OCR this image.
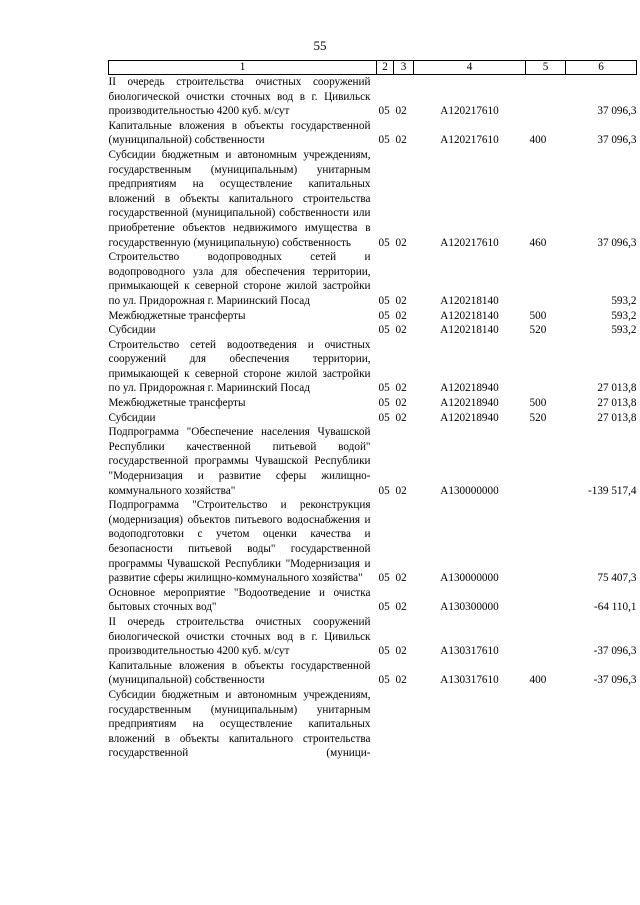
55
1	2	3	4	5	6
II очередь строительства очистных сооружений биологической очистки сточных вод в г. Цивильск производительностью 4200 куб. м/сут	05	02	А120217610		37 096,3
Капитальные вложения в объекты государственной (муниципальной) собственности	05	02	А120217610	400	37 096,3
Субсидии бюджетным и автономным учреждениям, государственным (муниципальным) унитарным предприятиям на осуществление капитальных вложений в объекты капитального строительства государственной (муниципальной) собственности или приобретение объектов недвижимого имущества в государственную (муниципальную) собственность	05	02	А120217610	460	37 096,3
Строительство водопроводных сетей и водопроводного узла для обеспечения территории, примыкающей к северной стороне жилой застройки по ул. Придорожная г. Мариинский Посад	05	02	А120218140		593,2
Межбюджетные трансферты	05	02	А120218140	500	593,2
Субсидии	05	02	А120218140	520	593,2
Строительство сетей водоотведения и очистных сооружений для обеспечения территории, примыкающей к северной стороне жилой застройки по ул. Придорожная г. Мариинский Посад	05	02	А120218940		27 013,8
Межбюджетные трансферты	05	02	А120218940	500	27 013,8
Субсидии	05	02	А120218940	520	27 013,8
Подпрограмма "Обеспечение населения Чувашской Республики качественной питьевой водой" государственной программы Чувашской Республики "Модернизация и развитие сферы жилищно-коммунального хозяйства"	05	02	А130000000		-139 517,4
Подпрограмма "Строительство и реконструкция (модернизация) объектов питьевого водоснабжения и водоподготовки с учетом оценки качества и безопасности питьевой воды" государственной программы Чувашской Республики "Модернизация и развитие сферы жилищно-коммунального хозяйства"	05	02	А130000000		75 407,3
Основное мероприятие "Водоотведение и очистка бытовых сточных вод"	05	02	А130300000		-64 110,1
II очередь строительства очистных сооружений биологической очистки сточных вод в г. Цивильск производительностью 4200 куб. м/сут	05	02	А130317610		-37 096,3
Капитальные вложения в объекты государственной (муниципальной) собственности	05	02	А130317610	400	-37 096,3
Субсидии бюджетным и автономным учреждениям, государственным (муниципальным) унитарным предприятиям на осуществление капитальных вложений в объекты капитального строительства государственной (муници-					
